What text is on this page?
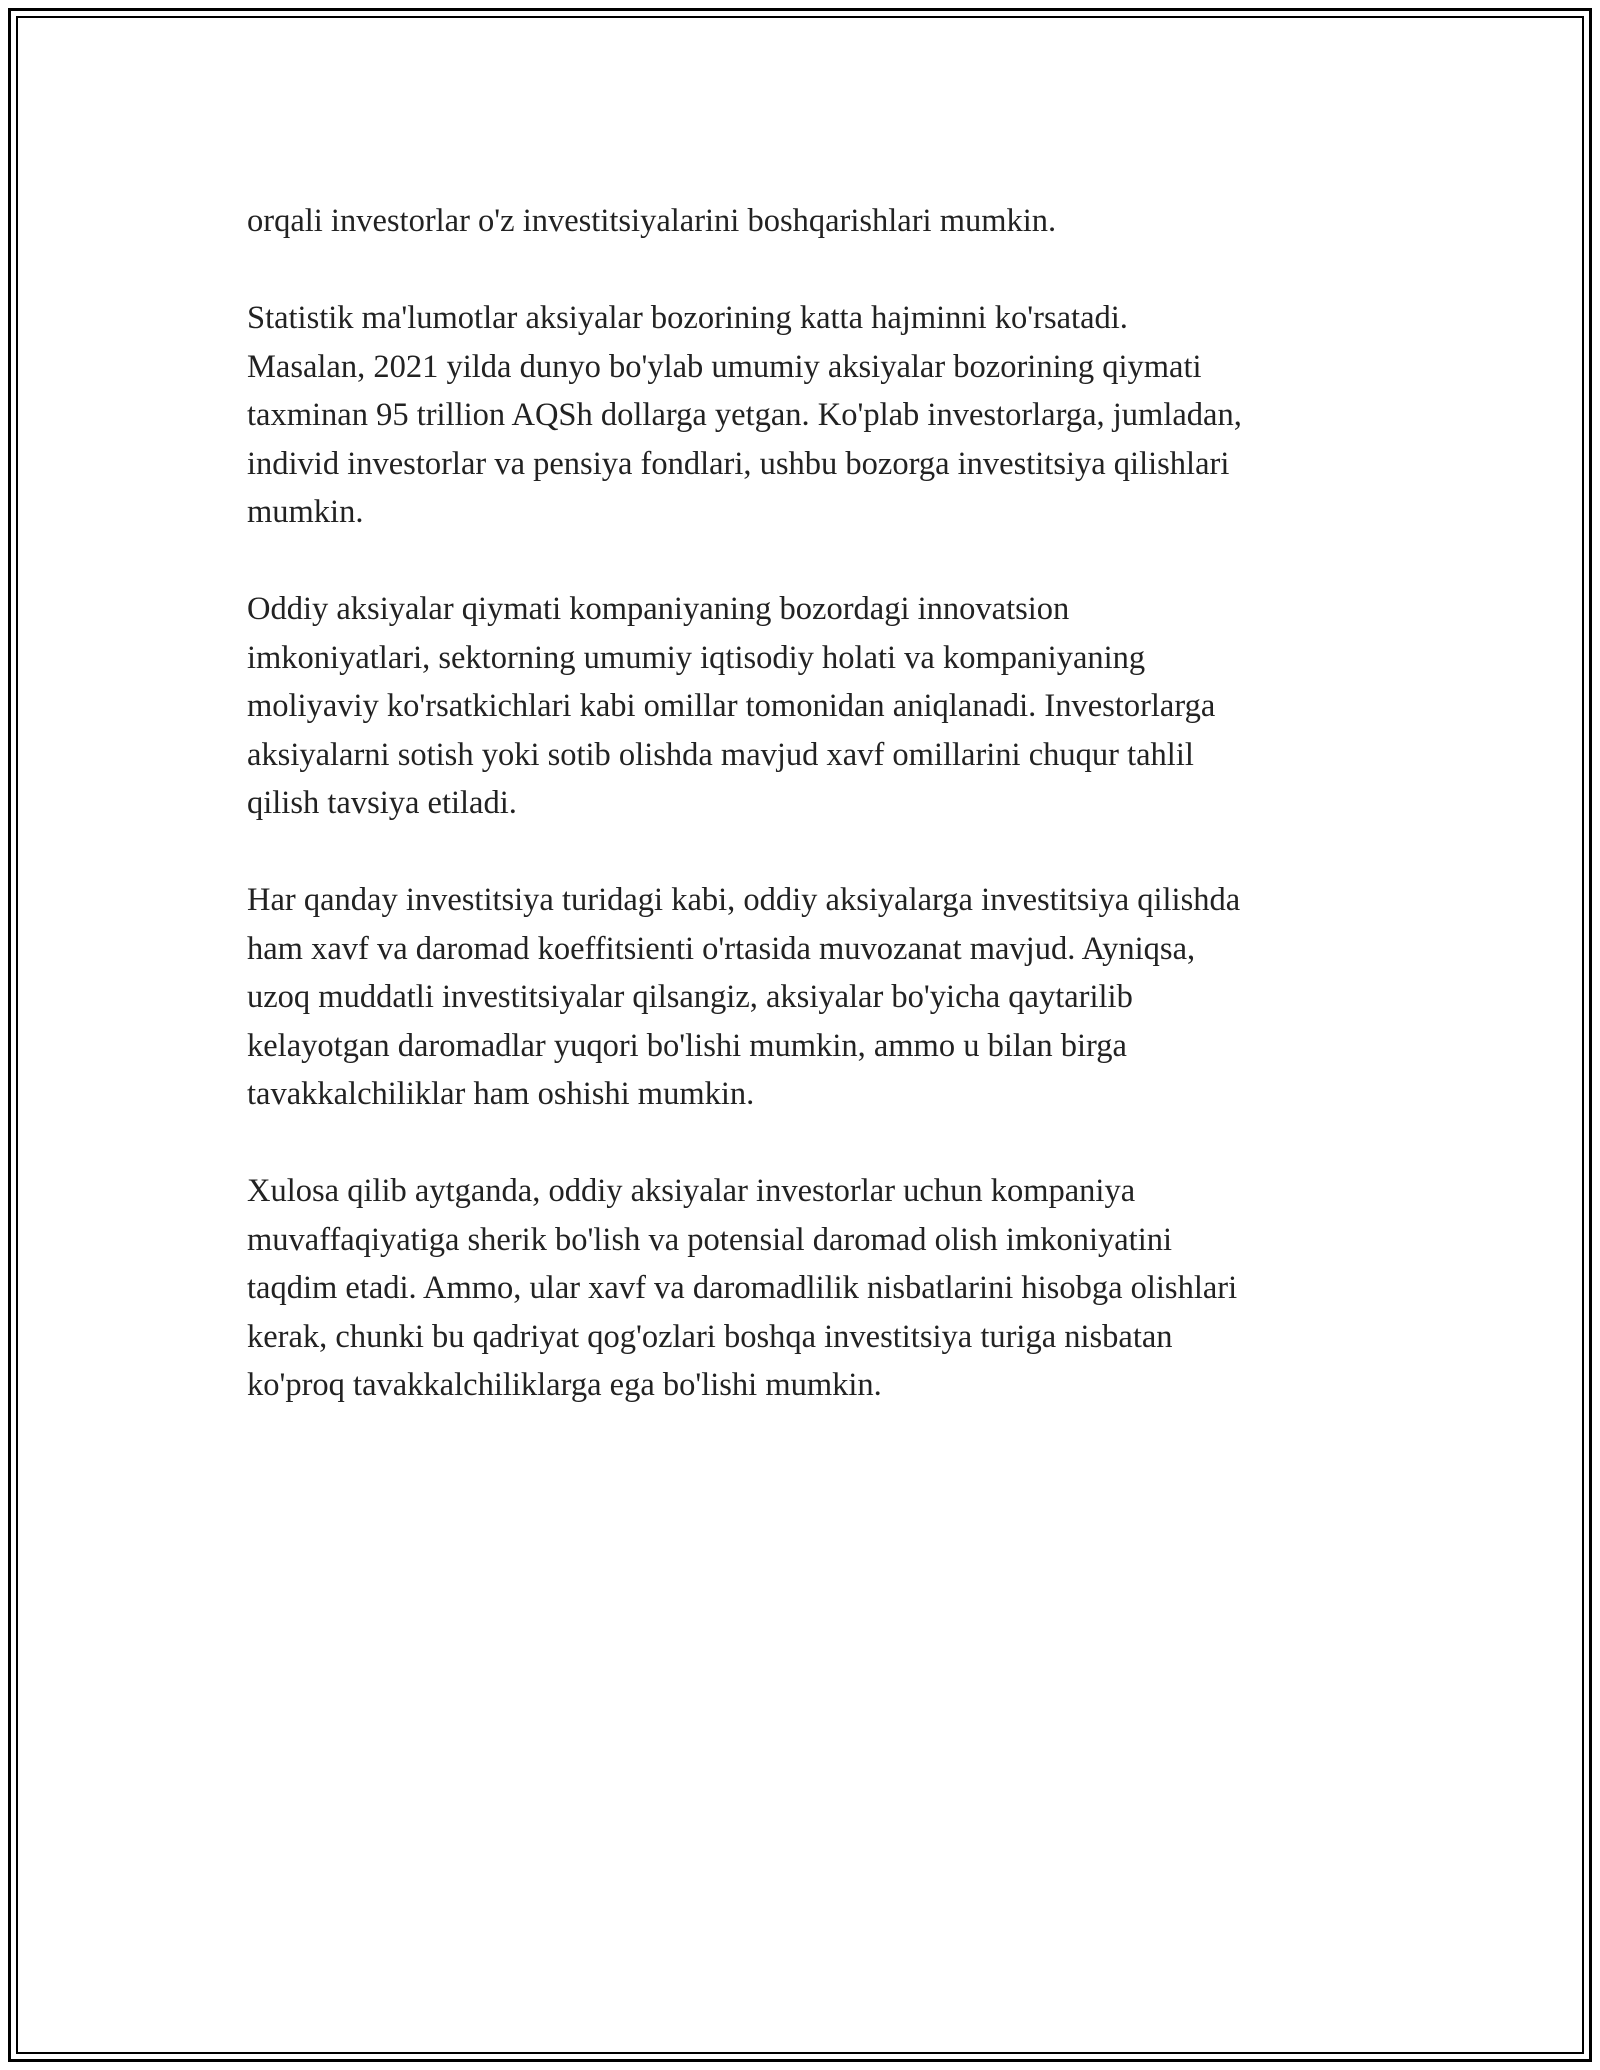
orqali investorlar o'z investitsiyalarini boshqarishlari mumkin.

Statistik ma'lumotlar aksiyalar bozorining katta hajminni ko'rsatadi.
Masalan, 2021 yilda dunyo bo'ylab umumiy aksiyalar bozorining qiymati
taxminan 95 trillion AQSh dollarga yetgan. Ko'plab investorlarga, jumladan,
individ investorlar va pensiya fondlari, ushbu bozorga investitsiya qilishlari
mumkin.

Oddiy aksiyalar qiymati kompaniyaning bozordagi innovatsion
imkoniyatlari, sektorning umumiy iqtisodiy holati va kompaniyaning
moliyaviy ko'rsatkichlari kabi omillar tomonidan aniqlanadi. Investorlarga
aksiyalarni sotish yoki sotib olishda mavjud xavf omillarini chuqur tahlil
qilish tavsiya etiladi.

Har qanday investitsiya turidagi kabi, oddiy aksiyalarga investitsiya qilishda
ham xavf va daromad koeffitsienti o'rtasida muvozanat mavjud. Ayniqsa,
uzoq muddatli investitsiyalar qilsangiz, aksiyalar bo'yicha qaytarilib
kelayotgan daromadlar yuqori bo'lishi mumkin, ammo u bilan birga
tavakkalchiliklar ham oshishi mumkin.

Xulosa qilib aytganda, oddiy aksiyalar investorlar uchun kompaniya
muvaffaqiyatiga sherik bo'lish va potensial daromad olish imkoniyatini
taqdim etadi. Ammo, ular xavf va daromadlilik nisbatlarini hisobga olishlari
kerak, chunki bu qadriyat qog'ozlari boshqa investitsiya turiga nisbatan
ko'proq tavakkalchiliklarga ega bo'lishi mumkin.
